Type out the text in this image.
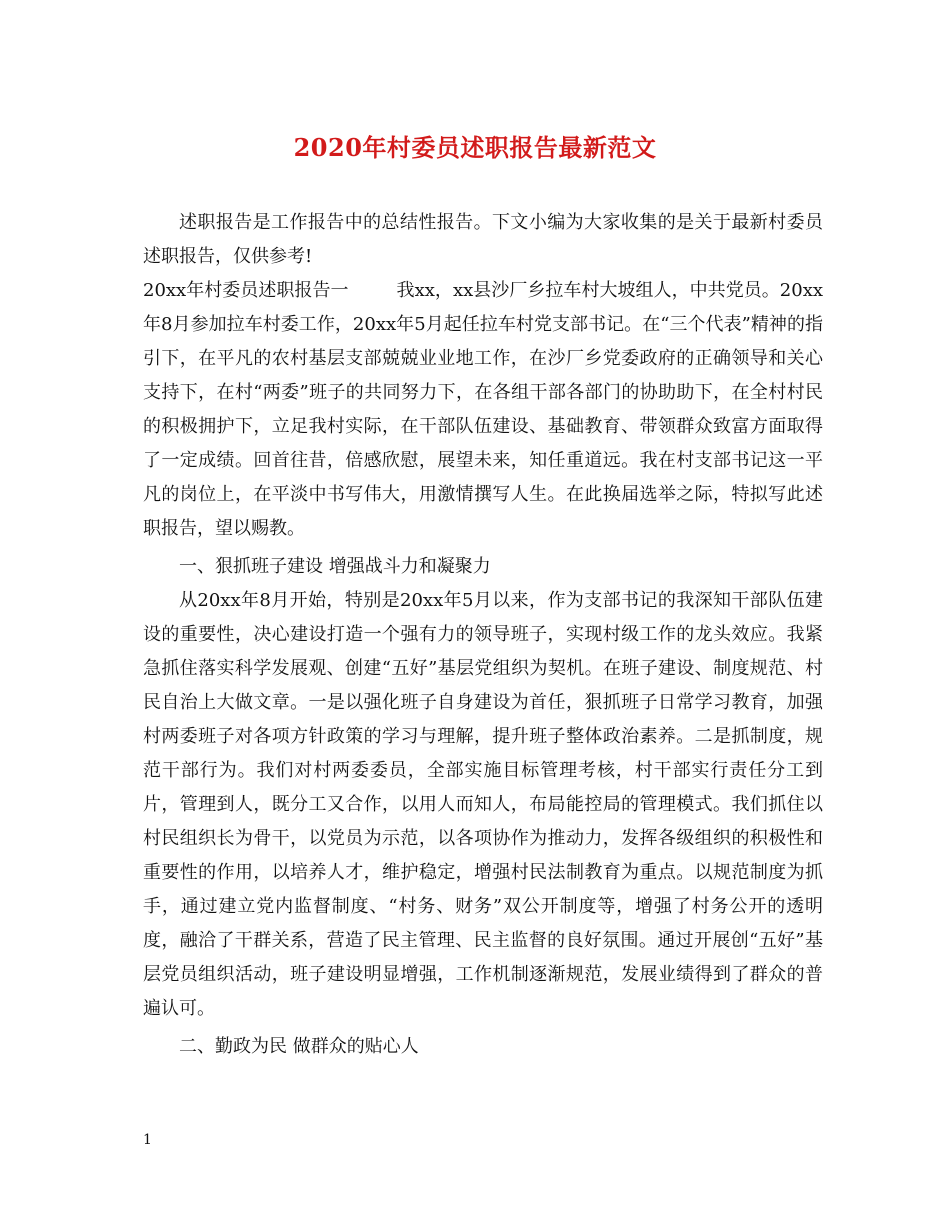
2020年村委员述职报告最新范文

述职报告是工作报告中的总结性报告。下文小编为大家收集的是关于最新村委员述职报告，仅供参考!

20xx年村委员述职报告一	我xx，xx县沙厂乡拉车村大坡组人，中共党员。20xx年8月参加拉车村委工作，20xx年5月起任拉车村党支部书记。在“三个代表”精神的指引下，在平凡的农村基层支部兢兢业业地工作，在沙厂乡党委政府的正确领导和关心支持下，在村“两委”班子的共同努力下，在各组干部各部门的协助助下，在全村村民的积极拥护下，立足我村实际，在干部队伍建设、基础教育、带领群众致富方面取得了一定成绩。回首往昔，倍感欣慰，展望未来，知任重道远。我在村支部书记这一平凡的岗位上，在平淡中书写伟大，用激情撰写人生。在此换届选举之际，特拟写此述职报告，望以赐教。

一、狠抓班子建设 增强战斗力和凝聚力

从20xx年8月开始，特别是20xx年5月以来，作为支部书记的我深知干部队伍建设的重要性，决心建设打造一个强有力的领导班子，实现村级工作的龙头效应。我紧急抓住落实科学发展观、创建“五好”基层党组织为契机。在班子建设、制度规范、村民自治上大做文章。一是以强化班子自身建设为首任，狠抓班子日常学习教育，加强村两委班子对各项方针政策的学习与理解，提升班子整体政治素养。二是抓制度，规范干部行为。我们对村两委委员，全部实施目标管理考核，村干部实行责任分工到片，管理到人，既分工又合作，以用人而知人，布局能控局的管理模式。我们抓住以村民组织长为骨干，以党员为示范，以各项协作为推动力，发挥各级组织的积极性和重要性的作用，以培养人才，维护稳定，增强村民法制教育为重点。以规范制度为抓手，通过建立党内监督制度、“村务、财务”双公开制度等，增强了村务公开的透明度，融洽了干群关系，营造了民主管理、民主监督的良好氛围。通过开展创“五好”基层党员组织活动，班子建设明显增强，工作机制逐渐规范，发展业绩得到了群众的普遍认可。

二、勤政为民 做群众的贴心人

1
